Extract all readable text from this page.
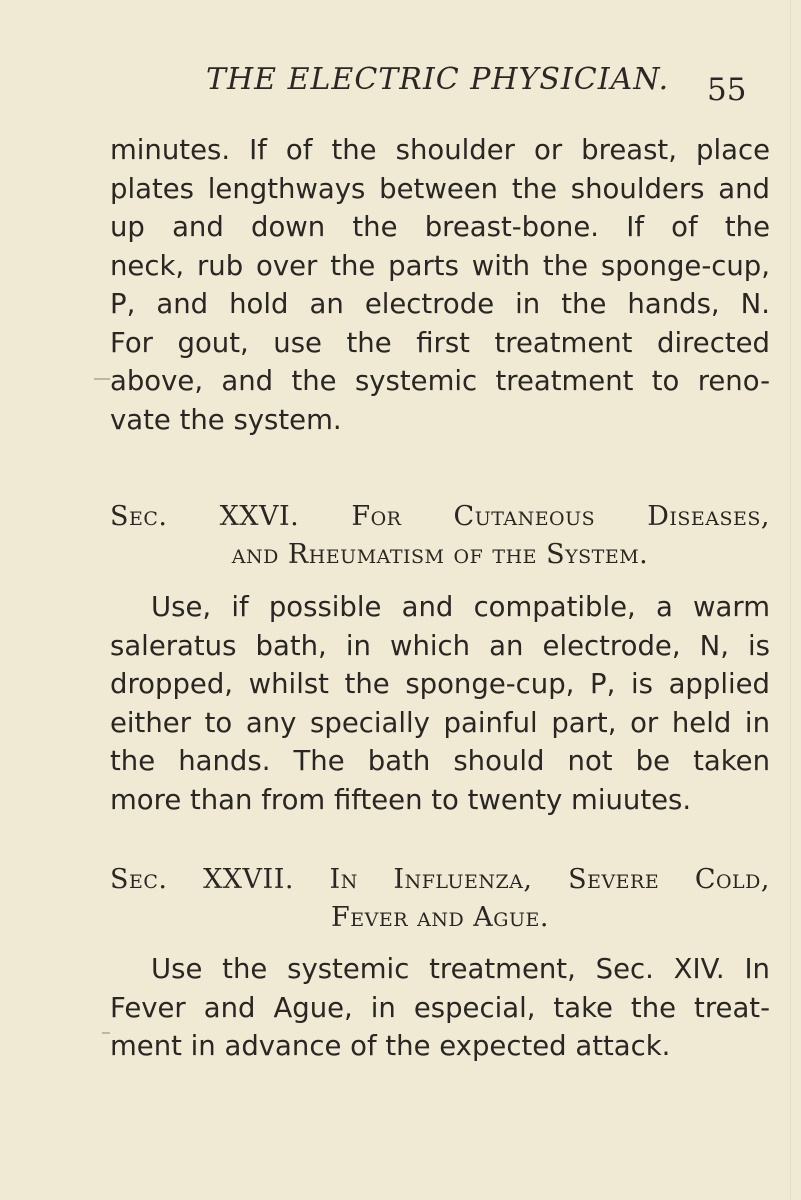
THE ELECTRIC PHYSICIAN. 55
minutes. If of the shoulder or breast, place
plates lengthways between the shoulders and
up and down the breast-bone. If of the
neck, rub over the parts with the sponge-cup,
P, and hold an electrode in the hands, N.
For gout, use the first treatment directed
above, and the systemic treatment to reno-
vate the system.
Sec. XXVI. For Cutaneous Diseases,
and Rheumatism of the System.
Use, if possible and compatible, a warm
saleratus bath, in which an electrode, N, is
dropped, whilst the sponge-cup, P, is applied
either to any specially painful part, or held in
the hands. The bath should not be taken
more than from fifteen to twenty miuutes.
Sec. XXVII. In Influenza, Severe Cold,
Fever and Ague.
Use the systemic treatment, Sec. XIV. In
Fever and Ague, in especial, take the treat-
ment in advance of the expected attack.
